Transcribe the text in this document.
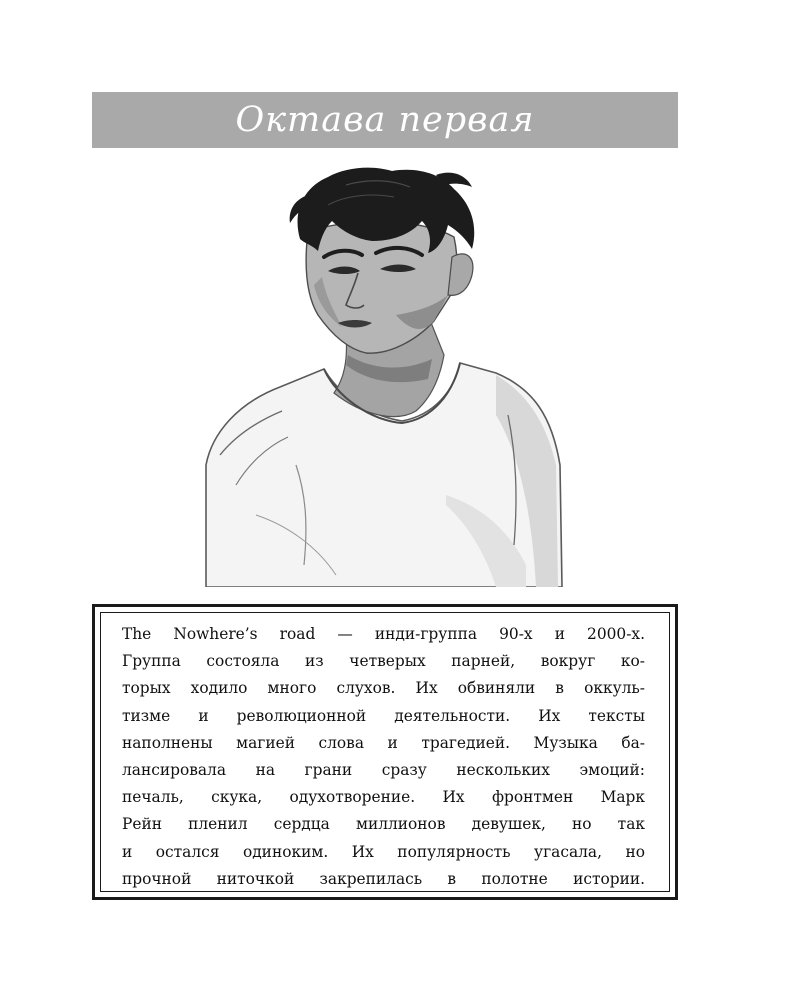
Октава первая

The Nowhere’s road — инди-группа 90-х и 2000-х.
Группа состояла из четверых парней, вокруг ко-
торых ходило много слухов. Их обвиняли в оккуль-
тизме и революционной деятельности. Их тексты
наполнены магией слова и трагедией. Музыка ба-
лансировала на грани сразу нескольких эмоций:
печаль, скука, одухотворение. Их фронтмен Марк
Рейн пленил сердца миллионов девушек, но так
и остался одиноким. Их популярность угасала, но
прочной ниточкой закрепилась в полотне истории.
